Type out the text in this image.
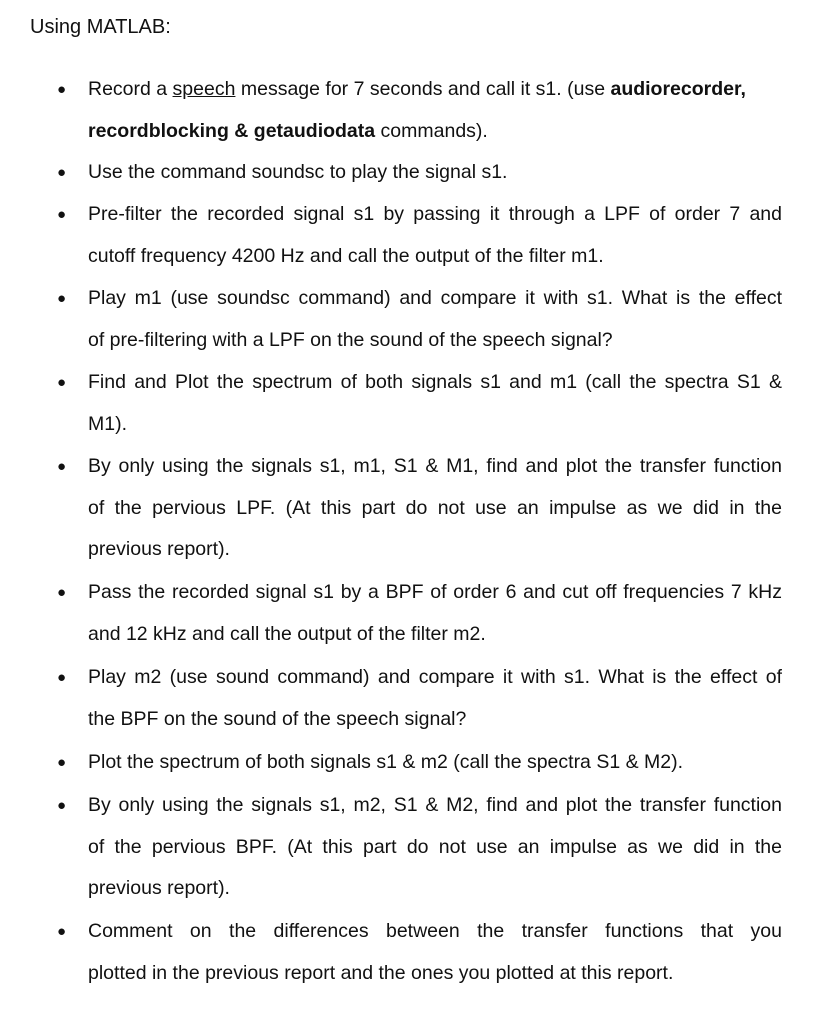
Using MATLAB:
● Record a speech message for 7 seconds and call it s1. (use audiorecorder,
recordblocking & getaudiodata commands).
● Use the command soundsc to play the signal s1.
● Pre-filter the recorded signal s1 by passing it through a LPF of order 7 and
cutoff frequency 4200 Hz and call the output of the filter m1.
● Play m1 (use soundsc command) and compare it with s1. What is the effect
of pre-filtering with a LPF on the sound of the speech signal?
● Find and Plot the spectrum of both signals s1 and m1 (call the spectra S1 &
M1).
● By only using the signals s1, m1, S1 & M1, find and plot the transfer function
of the pervious LPF. (At this part do not use an impulse as we did in the
previous report).
● Pass the recorded signal s1 by a BPF of order 6 and cut off frequencies 7 kHz
and 12 kHz and call the output of the filter m2.
● Play m2 (use sound command) and compare it with s1. What is the effect of
the BPF on the sound of the speech signal?
● Plot the spectrum of both signals s1 & m2 (call the spectra S1 & M2).
● By only using the signals s1, m2, S1 & M2, find and plot the transfer function
of the pervious BPF. (At this part do not use an impulse as we did in the
previous report).
● Comment on the differences between the transfer functions that you
plotted in the previous report and the ones you plotted at this report.
